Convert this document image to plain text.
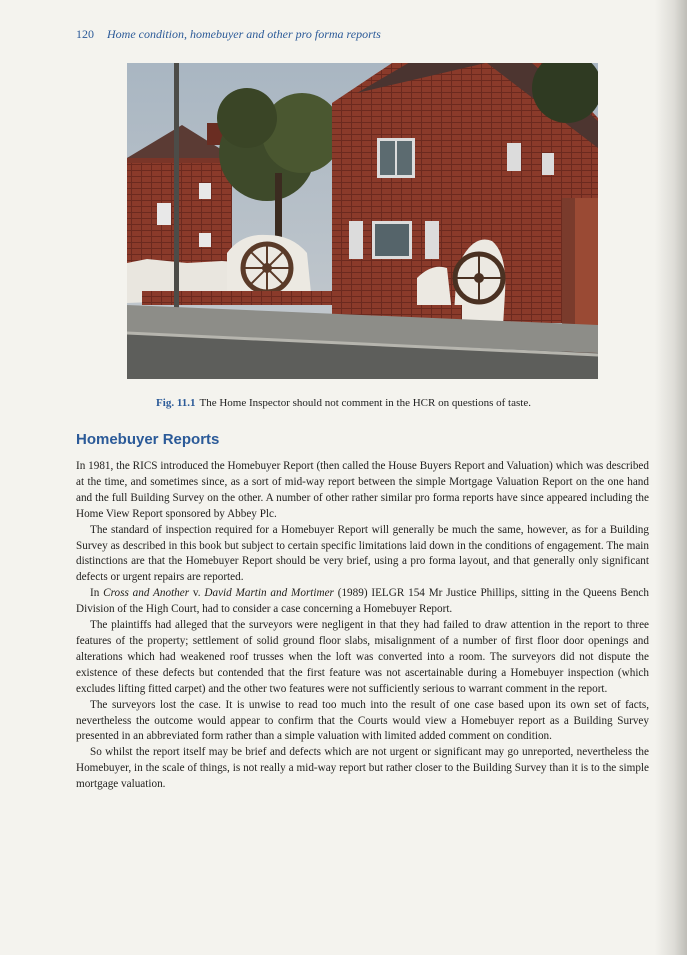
120 Home condition, homebuyer and other pro forma reports
Fig. 11.1 The Home Inspector should not comment in the HCR on questions of taste.
Homebuyer Reports

In 1981, the RICS introduced the Homebuyer Report (then called the House Buyers Report and Valuation) which was described at the time, and sometimes since, as a sort of mid-way report between the simple Mortgage Valuation Report on the one hand and the full Building Survey on the other. A number of other rather similar pro forma reports have since appeared including the Home View Report sponsored by Abbey Plc.

The standard of inspection required for a Homebuyer Report will generally be much the same, however, as for a Building Survey as described in this book but subject to certain specific limitations laid down in the conditions of engagement. The main distinctions are that the Homebuyer Report should be very brief, using a pro forma layout, and that generally only significant defects or urgent repairs are reported.

In Cross and Another v. David Martin and Mortimer (1989) IELGR 154 Mr Justice Phillips, sitting in the Queens Bench Division of the High Court, had to consider a case concerning a Homebuyer Report.

The plaintiffs had alleged that the surveyors were negligent in that they had failed to draw attention in the report to three features of the property; settlement of solid ground floor slabs, misalignment of a number of first floor door openings and alterations which had weakened roof trusses when the loft was converted into a room. The surveyors did not dispute the existence of these defects but contended that the first feature was not ascertainable during a Homebuyer inspection (which excludes lifting fitted carpet) and the other two features were not sufficiently serious to warrant comment in the report.

The surveyors lost the case. It is unwise to read too much into the result of one case based upon its own set of facts, nevertheless the outcome would appear to confirm that the Courts would view a Homebuyer report as a Building Survey presented in an abbreviated form rather than a simple valuation with limited added comment on condition.

So whilst the report itself may be brief and defects which are not urgent or significant may go unreported, nevertheless the Homebuyer, in the scale of things, is not really a mid-way report but rather closer to the Building Survey than it is to the simple mortgage valuation.
